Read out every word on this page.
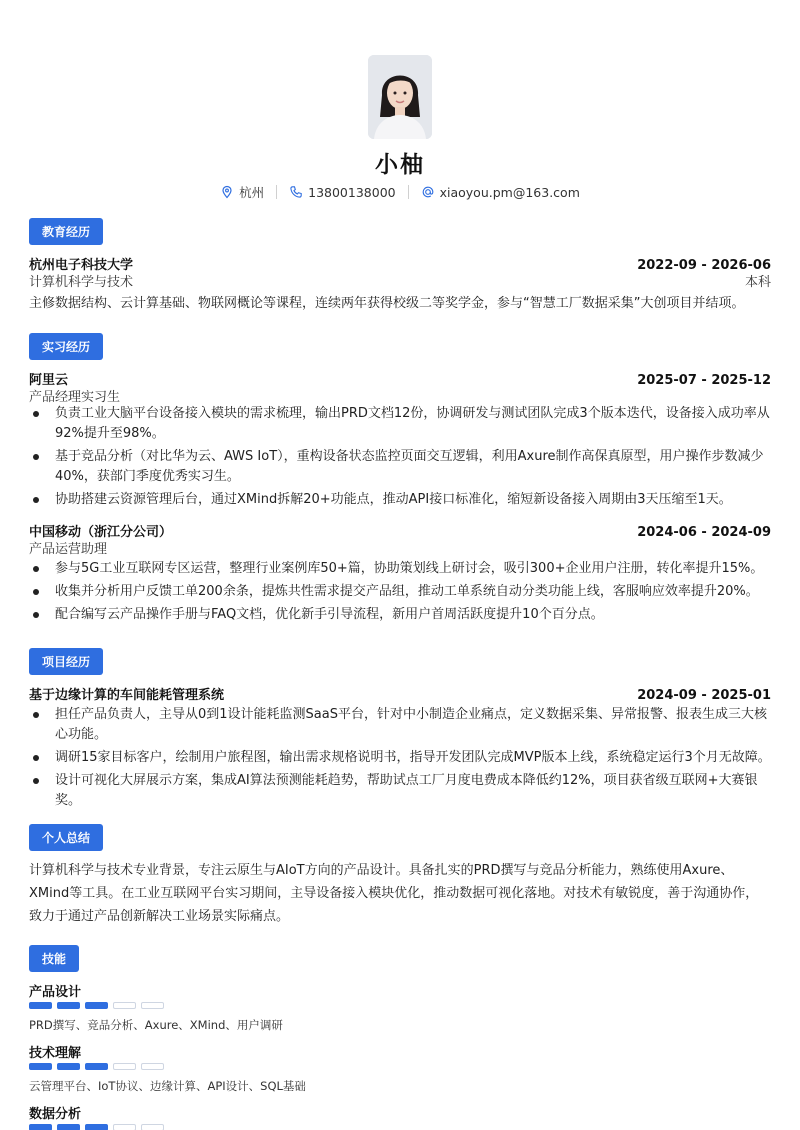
小柚
杭州	13800138000	xiaoyou.pm@163.com
教育经历
杭州电子科技大学	2022-09 - 2026-06
计算机科学与技术	本科
主修数据结构、云计算基础、物联网概论等课程，连续两年获得校级二等奖学金，参与“智慧工厂数据采集”大创项目并结项。
实习经历
阿里云	2025-07 - 2025-12
产品经理实习生
负责工业大脑平台设备接入模块的需求梳理，输出PRD文档12份，协调研发与测试团队完成3个版本迭代，设备接入成功率从92%提升至98%。
基于竞品分析（对比华为云、AWS IoT），重构设备状态监控页面交互逻辑，利用Axure制作高保真原型，用户操作步数减少40%，获部门季度优秀实习生。
协助搭建云资源管理后台，通过XMind拆解20+功能点，推动API接口标准化，缩短新设备接入周期由3天压缩至1天。
中国移动（浙江分公司）	2024-06 - 2024-09
产品运营助理
参与5G工业互联网专区运营，整理行业案例库50+篇，协助策划线上研讨会，吸引300+企业用户注册，转化率提升15%。
收集并分析用户反馈工单200余条，提炼共性需求提交产品组，推动工单系统自动分类功能上线，客服响应效率提升20%。
配合编写云产品操作手册与FAQ文档，优化新手引导流程，新用户首周活跃度提升10个百分点。
项目经历
基于边缘计算的车间能耗管理系统	2024-09 - 2025-01
担任产品负责人，主导从0到1设计能耗监测SaaS平台，针对中小制造企业痛点，定义数据采集、异常报警、报表生成三大核心功能。
调研15家目标客户，绘制用户旅程图，输出需求规格说明书，指导开发团队完成MVP版本上线，系统稳定运行3个月无故障。
设计可视化大屏展示方案，集成AI算法预测能耗趋势，帮助试点工厂月度电费成本降低约12%，项目获省级互联网+大赛银奖。
个人总结
计算机科学与技术专业背景，专注云原生与AIoT方向的产品设计。具备扎实的PRD撰写与竞品分析能力，熟练使用Axure、XMind等工具。在工业互联网平台实习期间，主导设备接入模块优化，推动数据可视化落地。对技术有敏锐度，善于沟通协作，致力于通过产品创新解决工业场景实际痛点。
技能
产品设计
PRD撰写、竞品分析、Axure、XMind、用户调研
技术理解
云管理平台、IoT协议、边缘计算、API设计、SQL基础
数据分析
